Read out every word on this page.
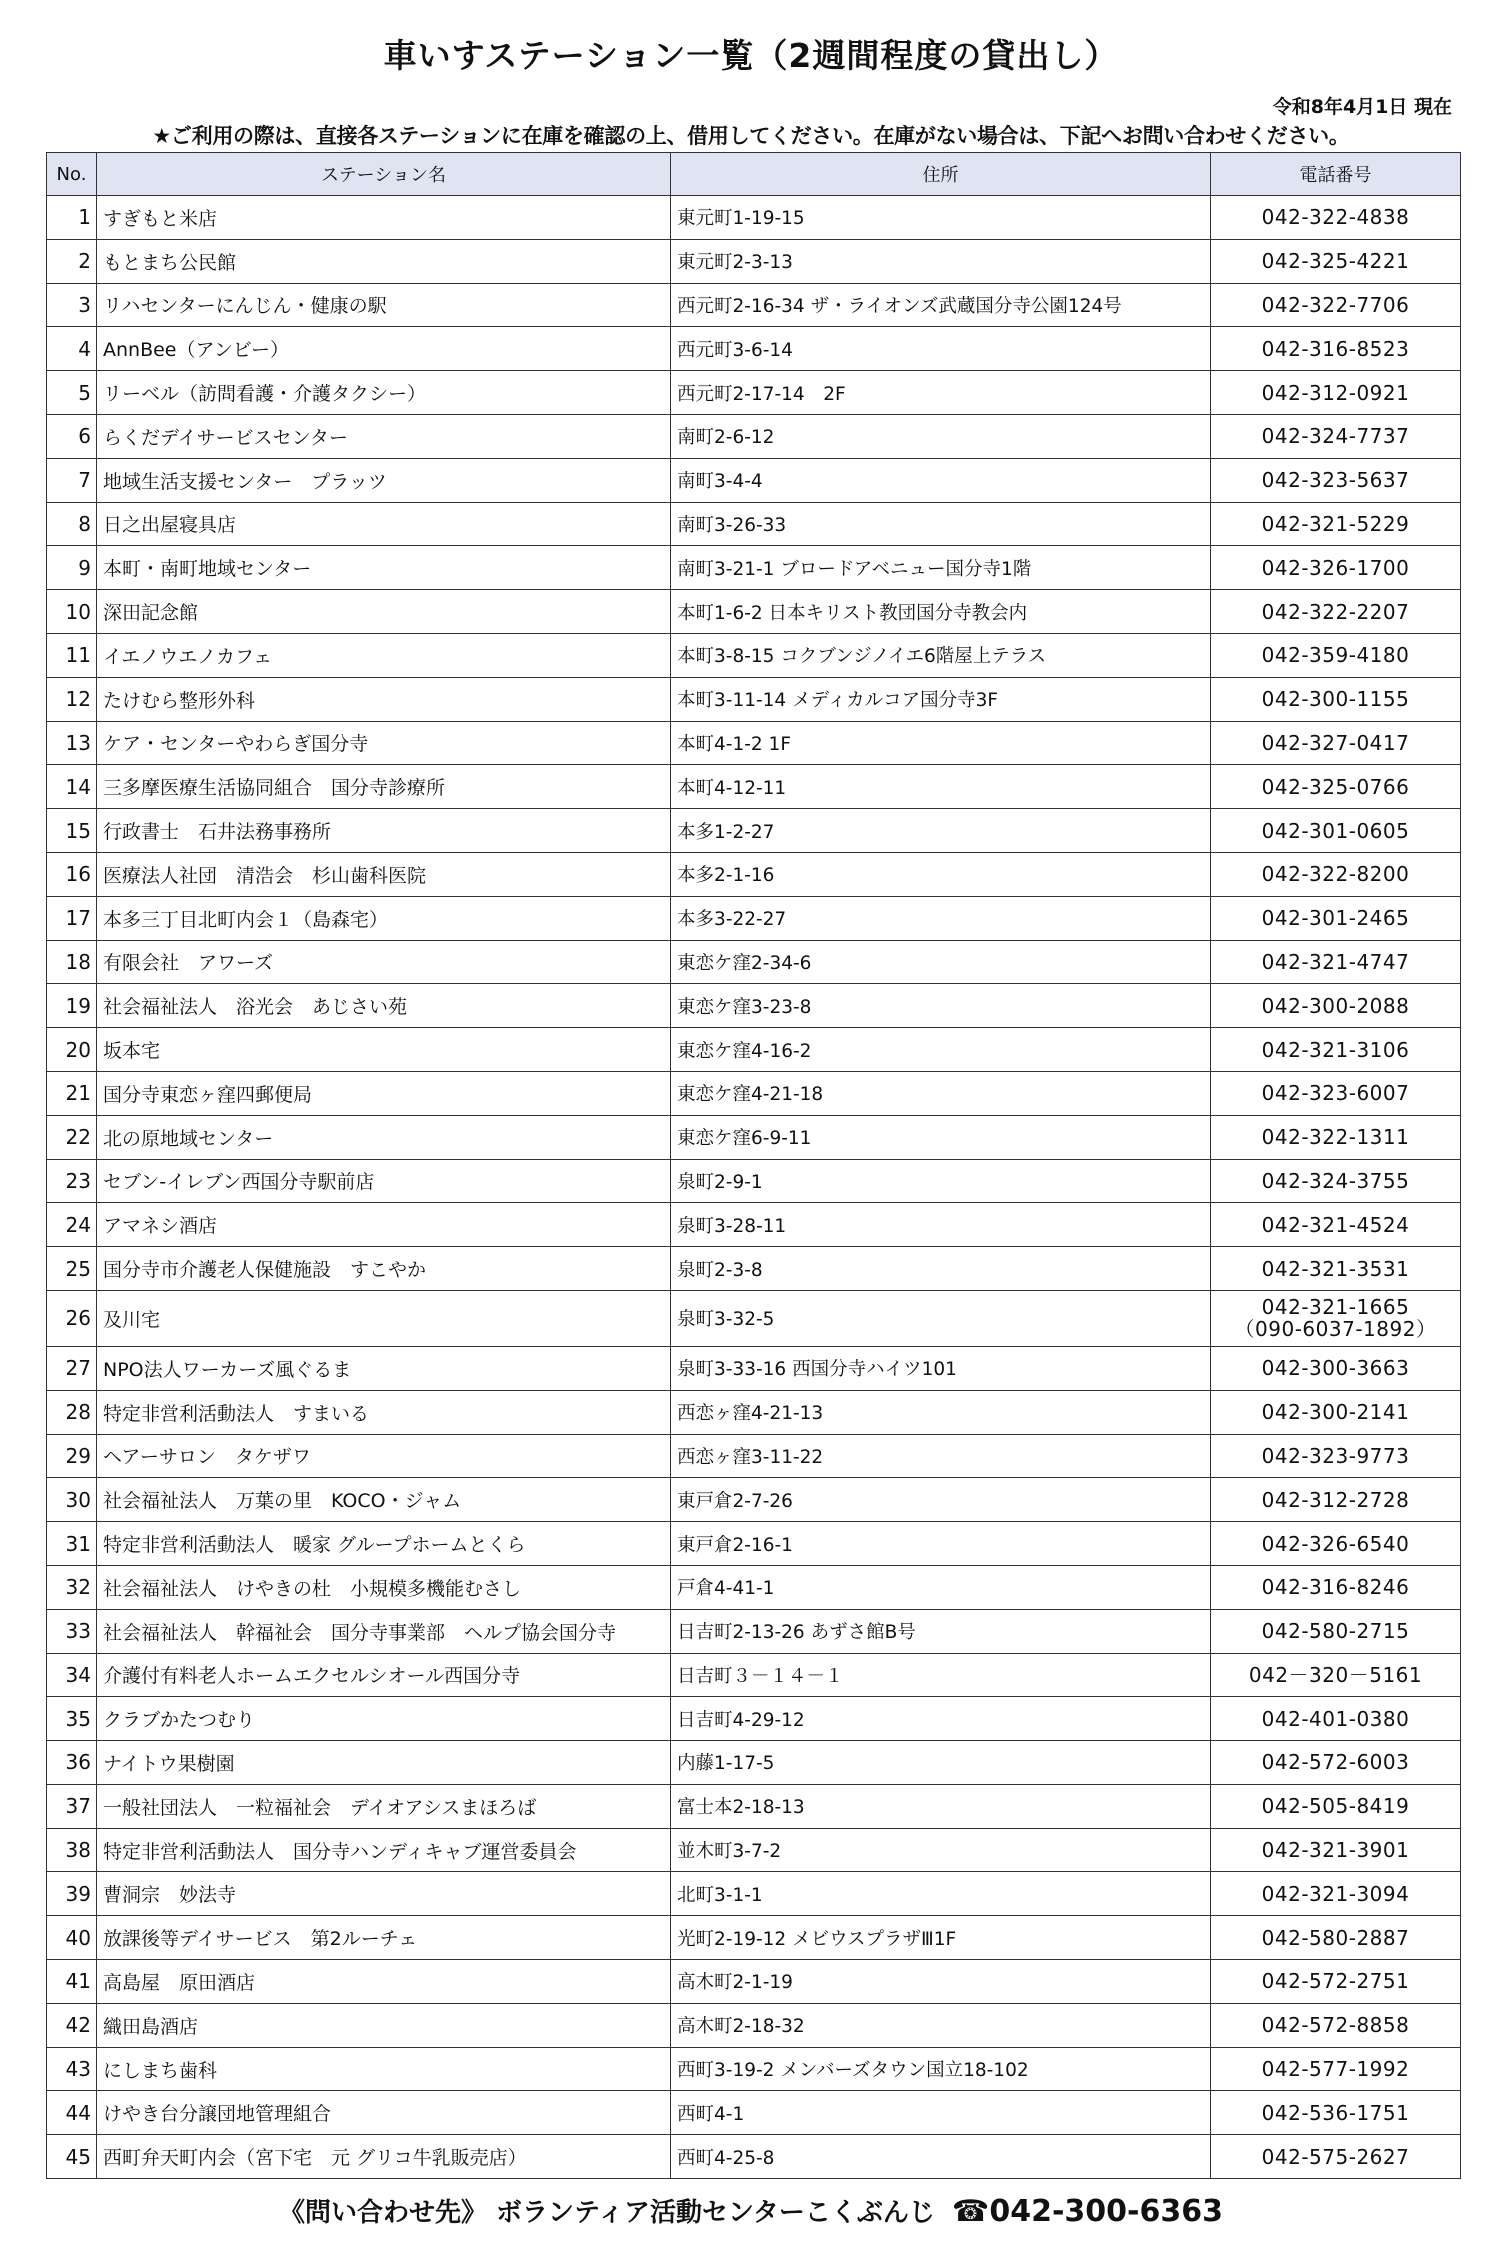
車いすステーション一覧（2週間程度の貸出し）
令和8年4月1日 現在
★ご利用の際は、直接各ステーションに在庫を確認の上、借用してください。在庫がない場合は、下記へお問い合わせください。
No.	ステーション名	住所	電話番号
1	すぎもと米店	東元町1-19-15	042-322-4838
2	もとまち公民館	東元町2-3-13	042-325-4221
3	リハセンターにんじん・健康の駅	西元町2-16-34 ザ・ライオンズ武蔵国分寺公園124号	042-322-7706
4	AnnBee（アンビー）	西元町3-6-14	042-316-8523
5	リーベル（訪問看護・介護タクシー）	西元町2-17-14　2F	042-312-0921
6	らくだデイサービスセンター	南町2-6-12	042-324-7737
7	地域生活支援センター　プラッツ	南町3-4-4	042-323-5637
8	日之出屋寝具店	南町3-26-33	042-321-5229
9	本町・南町地域センター	南町3-21-1 ブロードアベニュー国分寺1階	042-326-1700
10	深田記念館	本町1-6-2 日本キリスト教団国分寺教会内	042-322-2207
11	イエノウエノカフェ	本町3-8-15 コクブンジノイエ6階屋上テラス	042-359-4180
12	たけむら整形外科	本町3-11-14 メディカルコア国分寺3F	042-300-1155
13	ケア・センターやわらぎ国分寺	本町4-1-2 1F	042-327-0417
14	三多摩医療生活協同組合　国分寺診療所	本町4-12-11	042-325-0766
15	行政書士　石井法務事務所	本多1-2-27	042-301-0605
16	医療法人社団　清浩会　杉山歯科医院	本多2-1-16	042-322-8200
17	本多三丁目北町内会１（島森宅）	本多3-22-27	042-301-2465
18	有限会社　アワーズ	東恋ケ窪2-34-6	042-321-4747
19	社会福祉法人　浴光会　あじさい苑	東恋ケ窪3-23-8	042-300-2088
20	坂本宅	東恋ケ窪4-16-2	042-321-3106
21	国分寺東恋ヶ窪四郵便局	東恋ケ窪4-21-18	042-323-6007
22	北の原地域センター	東恋ケ窪6-9-11	042-322-1311
23	セブン-イレブン西国分寺駅前店	泉町2-9-1	042-324-3755
24	アマネシ酒店	泉町3-28-11	042-321-4524
25	国分寺市介護老人保健施設　すこやか	泉町2-3-8	042-321-3531
26	及川宅	泉町3-32-5	042-321-1665
（090-6037-1892）

27	NPO法人ワーカーズ風ぐるま	泉町3-33-16 西国分寺ハイツ101	042-300-3663
28	特定非営利活動法人　すまいる	西恋ヶ窪4-21-13	042-300-2141
29	ヘアーサロン　タケザワ	西恋ヶ窪3-11-22	042-323-9773
30	社会福祉法人　万葉の里　KOCO・ジャム	東戸倉2-7-26	042-312-2728
31	特定非営利活動法人　暖家 グループホームとくら	東戸倉2-16-1	042-326-6540
32	社会福祉法人　けやきの杜　小規模多機能むさし	戸倉4-41-1	042-316-8246
33	社会福祉法人　幹福祉会　国分寺事業部　ヘルプ協会国分寺	日吉町2-13-26 あずさ館B号	042-580-2715
34	介護付有料老人ホームエクセルシオール西国分寺	日吉町３－１４－１	042－320－5161
35	クラブかたつむり	日吉町4-29-12	042-401-0380
36	ナイトウ果樹園	内藤1-17-5	042-572-6003
37	一般社団法人　一粒福祉会　デイオアシスまほろば	富士本2-18-13	042-505-8419
38	特定非営利活動法人　国分寺ハンディキャブ運営委員会	並木町3-7-2	042-321-3901
39	曹洞宗　妙法寺	北町3-1-1	042-321-3094
40	放課後等デイサービス　第2ルーチェ	光町2-19-12 メビウスプラザⅢ1F	042-580-2887
41	高島屋　原田酒店	高木町2-1-19	042-572-2751
42	織田島酒店	高木町2-18-32	042-572-8858
43	にしまち歯科	西町3-19-2 メンバーズタウン国立18-102	042-577-1992
44	けやき台分譲団地管理組合	西町4-1	042-536-1751
45	西町弁天町内会（宮下宅　元 グリコ牛乳販売店）	西町4-25-8	042-575-2627
《問い合わせ先》 ボランティア活動センターこくぶんじ ☎042-300-6363
